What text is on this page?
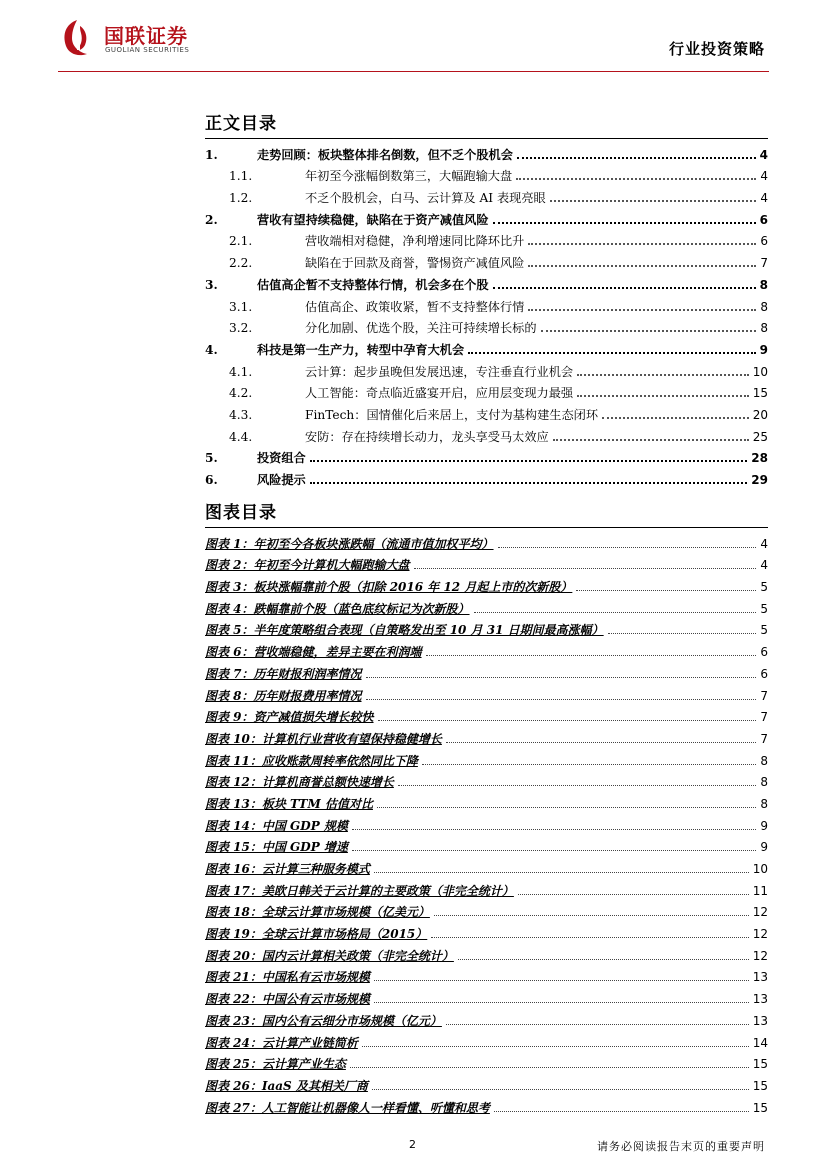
国联证券
GUOLIAN SECURITIES	行业投资策略
正文目录
1.	走势回顾：板块整体排名倒数，但不乏个股机会	4
1.1.	年初至今涨幅倒数第三，大幅跑输大盘	4
1.2.	不乏个股机会，白马、云计算及 AI 表现亮眼	4
2.	营收有望持续稳健，缺陷在于资产减值风险	6
2.1.	营收端相对稳健，净利增速同比降环比升	6
2.2.	缺陷在于回款及商誉，警惕资产减值风险	7
3.	估值高企暂不支持整体行情，机会多在个股	8
3.1.	估值高企、政策收紧，暂不支持整体行情	8
3.2.	分化加剧、优选个股，关注可持续增长标的	8
4.	科技是第一生产力，转型中孕育大机会	9
4.1.	云计算：起步虽晚但发展迅速，专注垂直行业机会	10
4.2.	人工智能：奇点临近盛宴开启，应用层变现力最强	15
4.3.	FinTech：国情催化后来居上，支付为基构建生态闭环	20
4.4.	安防：存在持续增长动力，龙头享受马太效应	25
5.	投资组合	28
6.	风险提示	29
图表目录
图表 1：年初至今各板块涨跌幅（流通市值加权平均）	4
图表 2：年初至今计算机大幅跑输大盘	4
图表 3：板块涨幅靠前个股（扣除 2016 年 12 月起上市的次新股）	5
图表 4：跌幅靠前个股（蓝色底纹标记为次新股）	5
图表 5：半年度策略组合表现（自策略发出至 10 月 31 日期间最高涨幅）	5
图表 6：营收端稳健，差异主要在利润端	6
图表 7：历年财报利润率情况	6
图表 8：历年财报费用率情况	7
图表 9：资产减值损失增长较快	7
图表 10：计算机行业营收有望保持稳健增长	7
图表 11：应收账款周转率依然同比下降	8
图表 12：计算机商誉总额快速增长	8
图表 13：板块 TTM 估值对比	8
图表 14：中国 GDP 规模	9
图表 15：中国 GDP 增速	9
图表 16：云计算三种服务模式	10
图表 17：美欧日韩关于云计算的主要政策（非完全统计）	11
图表 18：全球云计算市场规模（亿美元）	12
图表 19：全球云计算市场格局（2015）	12
图表 20：国内云计算相关政策（非完全统计）	12
图表 21：中国私有云市场规模	13
图表 22：中国公有云市场规模	13
图表 23：国内公有云细分市场规模（亿元）	13
图表 24：云计算产业链简析	14
图表 25：云计算产业生态	15
图表 26：IaaS 及其相关厂商	15
图表 27：人工智能让机器像人一样看懂、听懂和思考	15
2	请务必阅读报告末页的重要声明
